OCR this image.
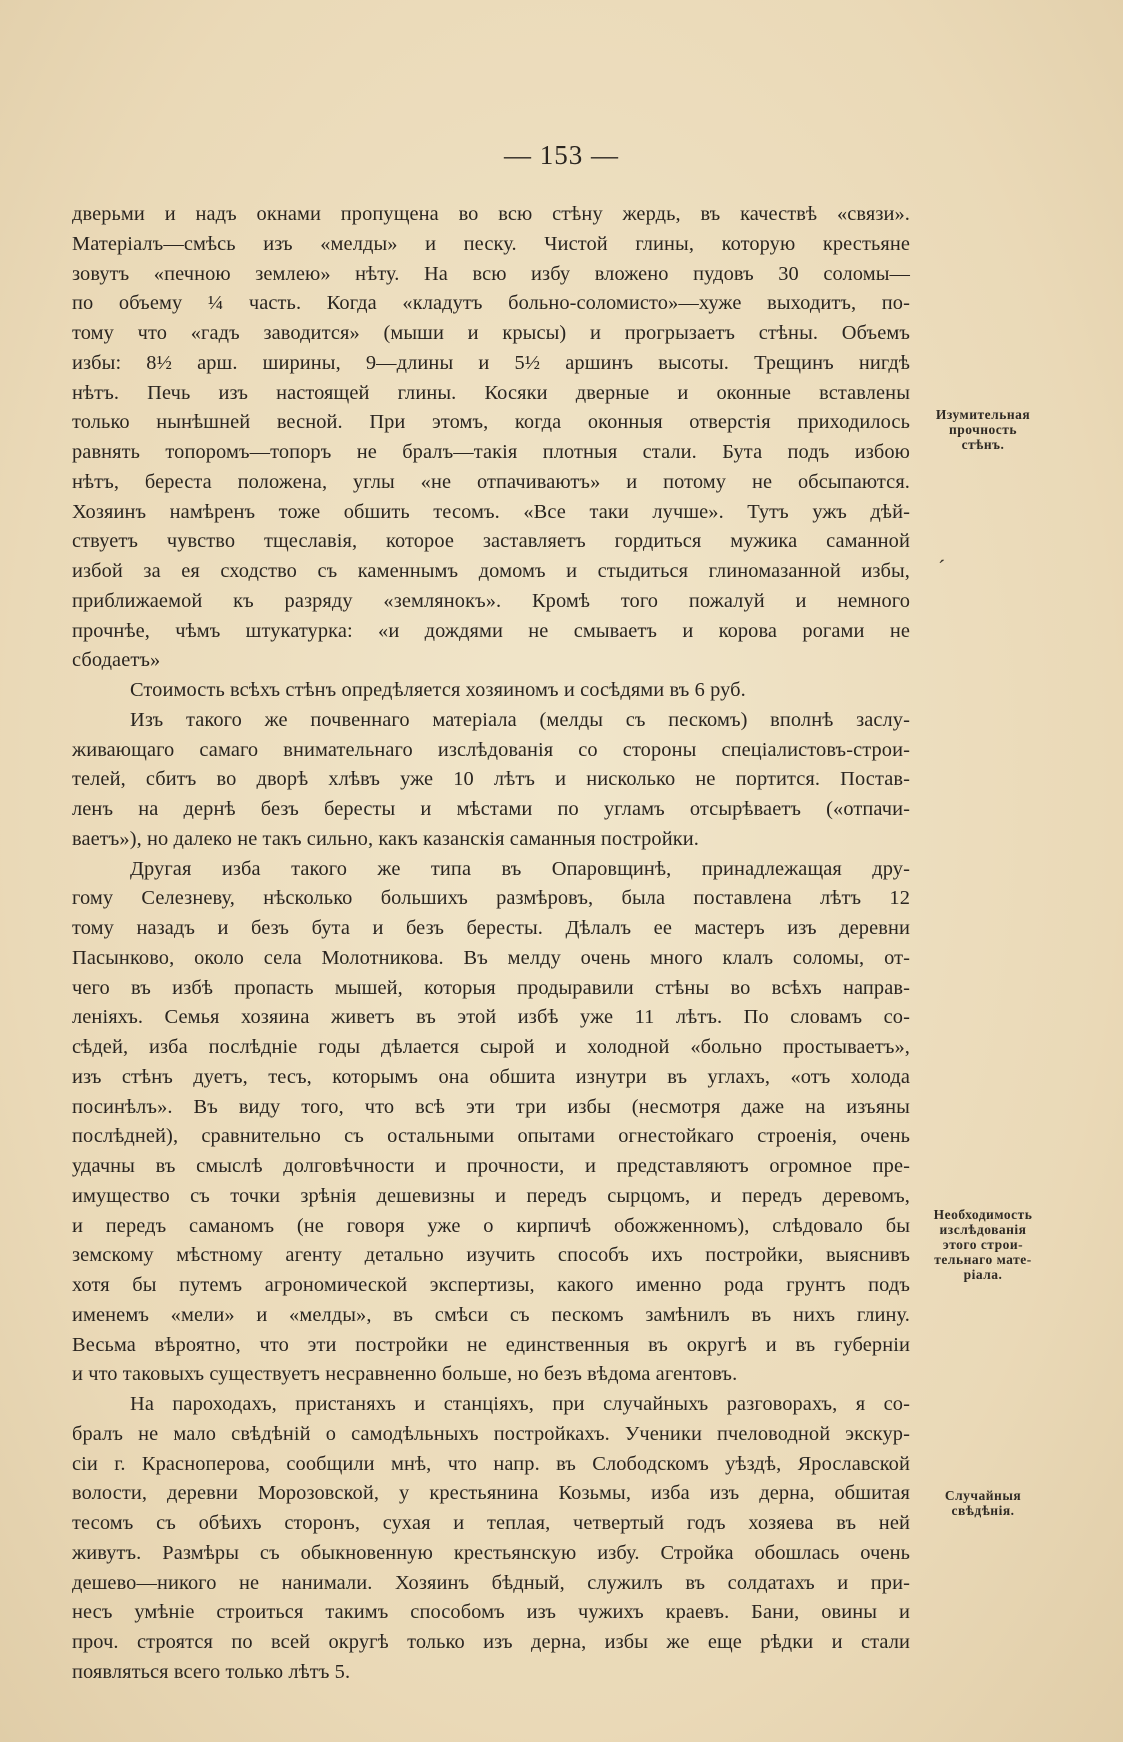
— 153 —
дверьми и надъ окнами пропущена во всю стѣну жердь, въ качествѣ «связи».
Матеріалъ—смѣсь изъ «мелды» и песку. Чистой глины, которую крестьяне
зовутъ «печною землею» нѣту. На всю избу вложено пудовъ 30 соломы—
по объему ¼ часть. Когда «кладутъ больно-соломисто»—хуже выходитъ, по-
тому что «гадъ заводится» (мыши и крысы) и прогрызаетъ стѣны. Объемъ
избы: 8½ арш. ширины, 9—длины и 5½ аршинъ высоты. Трещинъ нигдѣ
нѣтъ. Печь изъ настоящей глины. Косяки дверные и оконные вставлены
только нынѣшней весной. При этомъ, когда оконныя отверстія приходилось
равнять топоромъ—топоръ не бралъ—такія плотныя стали. Бута подъ избою
нѣтъ, береста положена, углы «не отпачиваютъ» и потому не обсыпаются.
Хозяинъ намѣренъ тоже обшить тесомъ. «Все таки лучше». Тутъ ужъ дѣй-
ствуетъ чувство тщеславія, которое заставляетъ гордиться мужика саманной
избой за ея сходство съ каменнымъ домомъ и стыдиться глиномазанной избы,
приближаемой къ разряду «землянокъ». Кромѣ того пожалуй и немного
прочнѣе, чѣмъ штукатурка: «и дождями не смываетъ и корова рогами не
сбодаетъ»
Стоимость всѣхъ стѣнъ опредѣляется хозяиномъ и сосѣдями въ 6 руб.
Изъ такого же почвеннаго матеріала (мелды съ пескомъ) вполнѣ заслу-
живающаго самаго внимательнаго изслѣдованія со стороны спеціалистовъ-строи-
телей, сбитъ во дворѣ хлѣвъ уже 10 лѣтъ и нисколько не портится. Постав-
ленъ на дернѣ безъ бересты и мѣстами по угламъ отсырѣваетъ («отпачи-
ваетъ»), но далеко не такъ сильно, какъ казанскія саманныя постройки.
Другая изба такого же типа въ Опаровщинѣ, принадлежащая дру-
гому Селезневу, нѣсколько большихъ размѣровъ, была поставлена лѣтъ 12
тому назадъ и безъ бута и безъ бересты. Дѣлалъ ее мастеръ изъ деревни
Пасынково, около села Молотникова. Въ мелду очень много клалъ соломы, от-
чего въ избѣ пропасть мышей, которыя продыравили стѣны во всѣхъ направ-
леніяхъ. Семья хозяина живетъ въ этой избѣ уже 11 лѣтъ. По словамъ со-
сѣдей, изба послѣдніе годы дѣлается сырой и холодной «больно простываетъ»,
изъ стѣнъ дуетъ, тесъ, которымъ она обшита изнутри въ углахъ, «отъ холода
посинѣлъ». Въ виду того, что всѣ эти три избы (несмотря даже на изъяны
послѣдней), сравнительно съ остальными опытами огнестойкаго строенія, очень
удачны въ смыслѣ долговѣчности и прочности, и представляютъ огромное пре-
имущество съ точки зрѣнія дешевизны и передъ сырцомъ, и передъ деревомъ,
и передъ саманомъ (не говоря уже о кирпичѣ обожженномъ), слѣдовало бы
земскому мѣстному агенту детально изучить способъ ихъ постройки, выяснивъ
хотя бы путемъ агрономической экспертизы, какого именно рода грунтъ подъ
именемъ «мели» и «мелды», въ смѣси съ пескомъ замѣнилъ въ нихъ глину.
Весьма вѣроятно, что эти постройки не единственныя въ округѣ и въ губерніи
и что таковыхъ существуетъ несравненно больше, но безъ вѣдома агентовъ.
На пароходахъ, пристаняхъ и станціяхъ, при случайныхъ разговорахъ, я со-
бралъ не мало свѣдѣній о самодѣльныхъ постройкахъ. Ученики пчеловодной экскур-
сіи г. Краснoперова, сообщили мнѣ, что напр. въ Слободскомъ уѣздѣ, Ярославской
волости, деревни Морозовской, у крестьянина Козьмы, изба изъ дерна, обшитая
тесомъ съ обѣихъ сторонъ, сухая и теплая, четвертый годъ хозяева въ ней
живутъ. Размѣры съ обыкновенную крестьянскую избу. Стройка обошлась очень
дешево—никого не нанимали. Хозяинъ бѣдный, служилъ въ солдатахъ и при-
несъ умѣніе строиться такимъ способомъ изъ чужихъ краевъ. Бани, овины и
проч. строятся по всей округѣ только изъ дерна, избы же еще рѣдки и стали
появляться всего только лѣтъ 5.
Изумительная
прочность
стѣнъ.
Необходимость
изслѣдованія
этого строи-
тельнаго мате-
ріала.
Случайныя
свѣдѣнія.
´
